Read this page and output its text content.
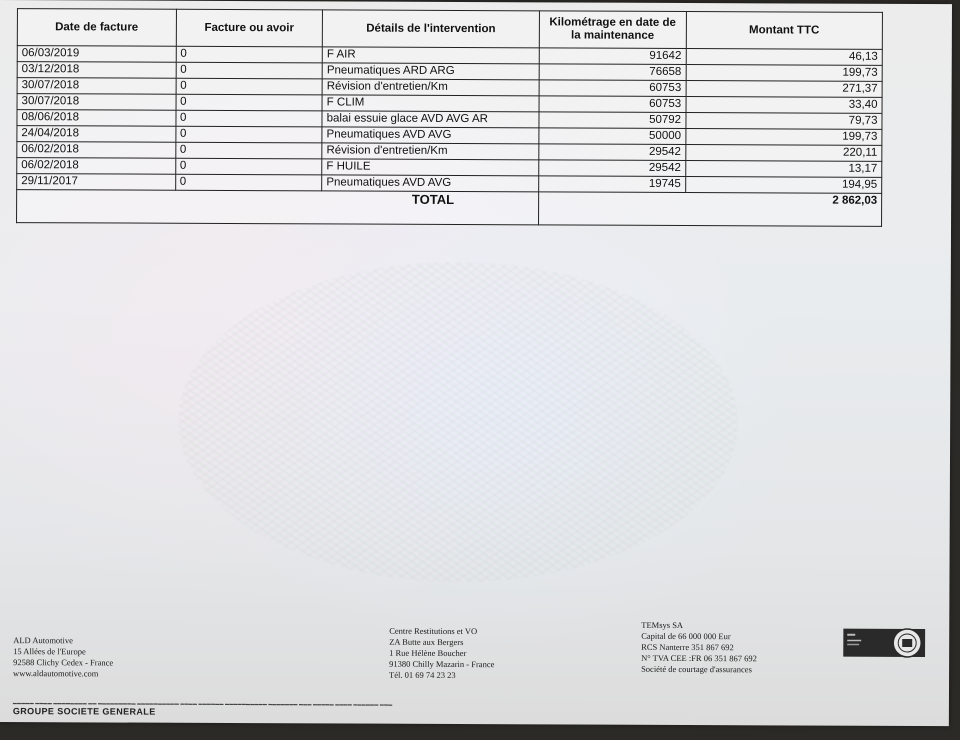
Date de facture	Facture ou avoir	Détails de l'intervention	Kilométrage en date de la maintenance	Montant TTC
06/03/2019	0	F AIR	91642	46,13
03/12/2018	0	Pneumatiques ARD ARG	76658	199,73
30/07/2018	0	Révision d'entretien/Km	60753	271,37
30/07/2018	0	F CLIM	60753	33,40
08/06/2018	0	balai essuie glace AVD AVG AR	50792	79,73
24/04/2018	0	Pneumatiques AVD AVG	50000	199,73
06/02/2018	0	Révision d'entretien/Km	29542	220,11
06/02/2018	0	F HUILE	29542	13,17
29/11/2017	0	Pneumatiques AVD AVG	19745	194,95
TOTAL			2 862,03	
ALD Automotive
15 Allées de l'Europe
92588 Clichy Cedex - France
www.aldautomotive.com
Centre Restitutions et VO
ZA Butte aux Bergers
1 Rue Hélène Boucher
91380 Chilly Mazarin - France
Tél. 01 69 74 23 23
TEMsys SA
Capital de 66 000 000 Eur
RCS Nanterre 351 867 692
N° TVA CEE :FR 06 351 867 692
Société de courtage d'assurances
▬▬▬▬▬ ▬▬▬▬ ▬▬▬▬▬▬▬▬ ▬▬ ▬▬▬▬▬▬▬▬▬ ▬▬▬▬▬▬▬▬▬▬ ▬▬▬▬ ▬▬▬▬▬▬ ▬▬▬▬▬▬▬▬▬▬ ▬▬▬▬▬▬▬ ▬▬▬ ▬▬▬▬▬ ▬▬▬▬ ▬▬▬▬▬▬ ▬▬▬
GROUPE SOCIETE GENERALE
